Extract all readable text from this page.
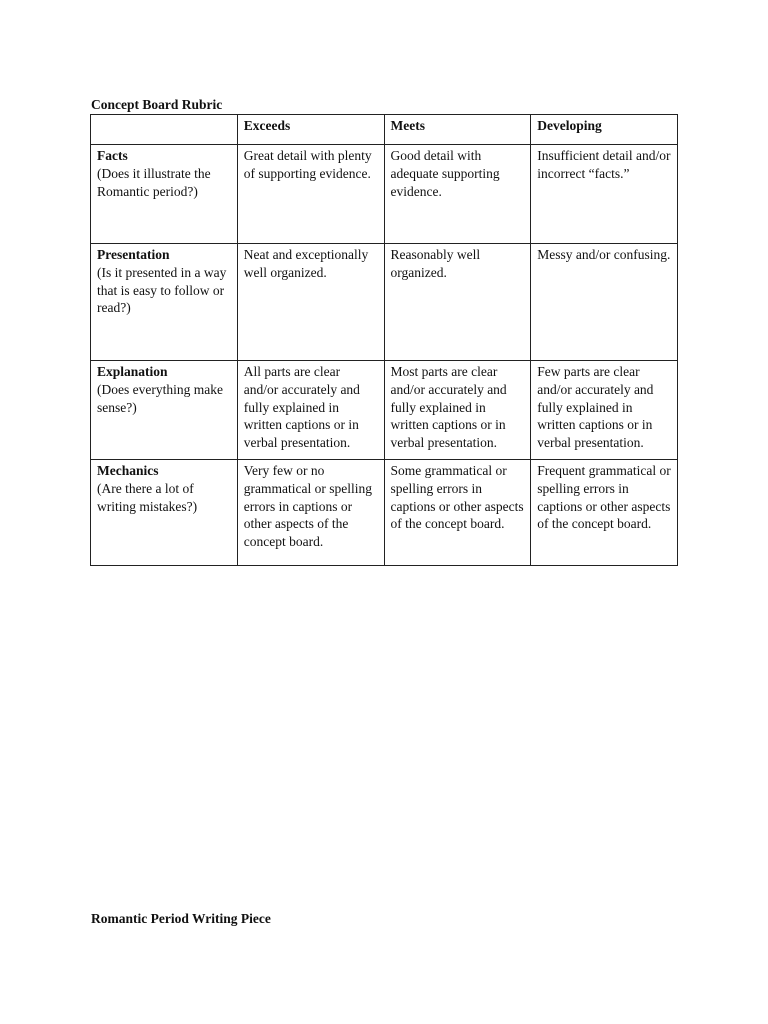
Concept Board Rubric
	Exceeds	Meets	Developing

Facts
(Does it illustrate the Romantic period?)	Great detail with plenty of supporting evidence.	Good detail with adequate supporting evidence.	Insufficient detail and/or incorrect “facts.”

Presentation
(Is it presented in a way that is easy to follow or read?)	Neat and exceptionally well organized.	Reasonably well organized.	Messy and/or confusing.

Explanation
(Does everything make sense?)	All parts are clear and/or accurately and fully explained in written captions or in verbal presentation.	Most parts are clear and/or accurately and fully explained in written captions or in verbal presentation.	Few parts are clear and/or accurately and fully explained in written captions or in verbal presentation.

Mechanics
(Are there a lot of writing mistakes?)	Very few or no grammatical or spelling errors in captions or other aspects of the concept board.	Some grammatical or spelling errors in captions or other aspects of the concept board.	Frequent grammatical or spelling errors in captions or other aspects of the concept board.
Romantic Period Writing Piece
